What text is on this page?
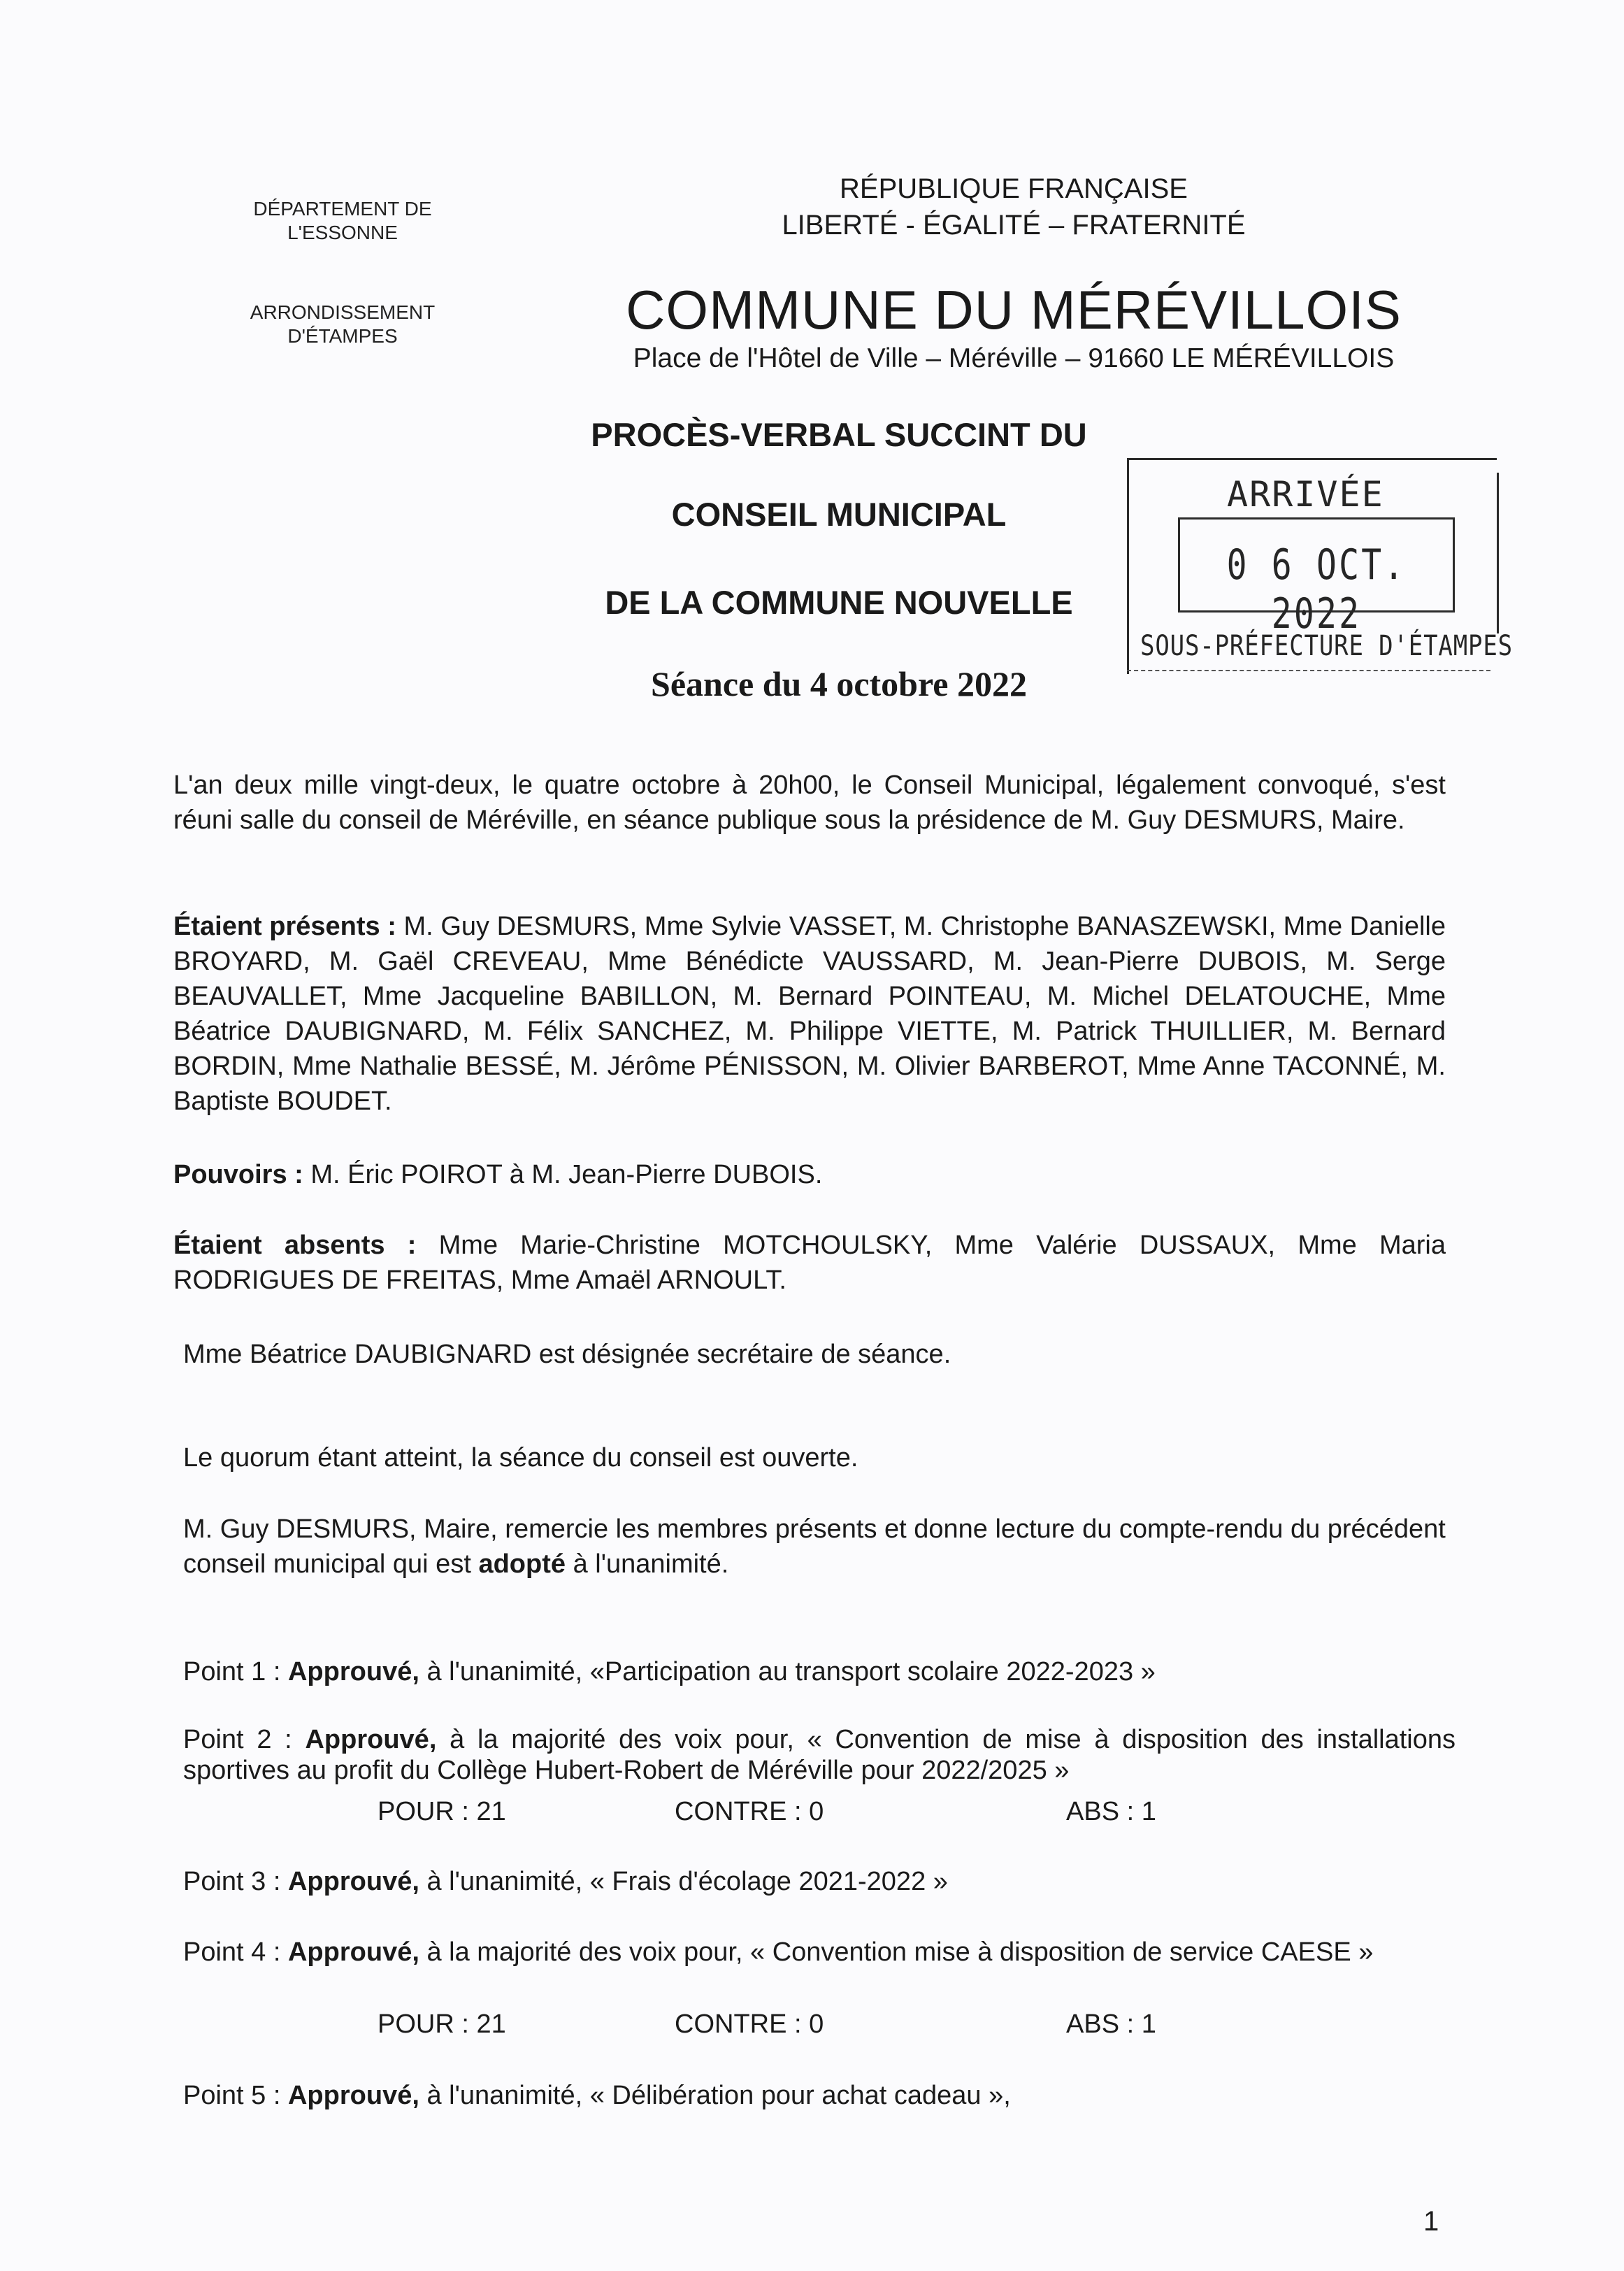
DÉPARTEMENT DE L'ESSONNE
ARRONDISSEMENT D'ÉTAMPES
RÉPUBLIQUE FRANÇAISE
LIBERTÉ - ÉGALITÉ – FRATERNITÉ
COMMUNE DU MÉRÉVILLOIS
Place de l'Hôtel de Ville – Méréville – 91660 LE MÉRÉVILLOIS
PROCÈS-VERBAL SUCCINT DU
CONSEIL MUNICIPAL
DE LA COMMUNE NOUVELLE
Séance du 4 octobre 2022
ARRIVÉE
0 6 OCT. 2022
SOUS-PRÉFECTURE D'ÉTAMPES
L'an deux mille vingt-deux, le quatre octobre à 20h00, le Conseil Municipal, légalement convoqué, s'est réuni salle du conseil de Méréville, en séance publique sous la présidence de M. Guy DESMURS, Maire.
Étaient présents : M. Guy DESMURS, Mme Sylvie VASSET, M. Christophe BANASZEWSKI, Mme Danielle BROYARD, M. Gaël CREVEAU, Mme Bénédicte VAUSSARD, M. Jean-Pierre DUBOIS, M. Serge BEAUVALLET, Mme Jacqueline BABILLON, M. Bernard POINTEAU, M. Michel DELATOUCHE, Mme Béatrice DAUBIGNARD, M. Félix SANCHEZ, M. Philippe VIETTE, M. Patrick THUILLIER, M. Bernard BORDIN, Mme Nathalie BESSÉ, M. Jérôme PÉNISSON, M. Olivier BARBEROT, Mme Anne TACONNÉ, M. Baptiste BOUDET.
Pouvoirs : M. Éric POIROT à M. Jean-Pierre DUBOIS.
Étaient absents : Mme Marie-Christine MOTCHOULSKY, Mme Valérie DUSSAUX, Mme Maria RODRIGUES DE FREITAS, Mme Amaël ARNOULT.
Mme Béatrice DAUBIGNARD est désignée secrétaire de séance.
Le quorum étant atteint, la séance du conseil est ouverte.
M. Guy DESMURS, Maire, remercie les membres présents et donne lecture du compte-rendu du précédent conseil municipal qui est adopté à l'unanimité.
Point 1 : Approuvé, à l'unanimité, «Participation au transport scolaire 2022-2023 »
Point 2 : Approuvé, à la majorité des voix pour, « Convention de mise à disposition des installations sportives au profit du Collège Hubert-Robert de Méréville pour 2022/2025 »
POUR : 21	CONTRE : 0	ABS : 1
Point 3 : Approuvé, à l'unanimité, « Frais d'écolage 2021-2022 »
Point 4 : Approuvé, à la majorité des voix pour, « Convention mise à disposition de service CAESE »
POUR : 21	CONTRE : 0	ABS : 1
Point 5 : Approuvé, à l'unanimité, « Délibération pour achat cadeau »,
1
